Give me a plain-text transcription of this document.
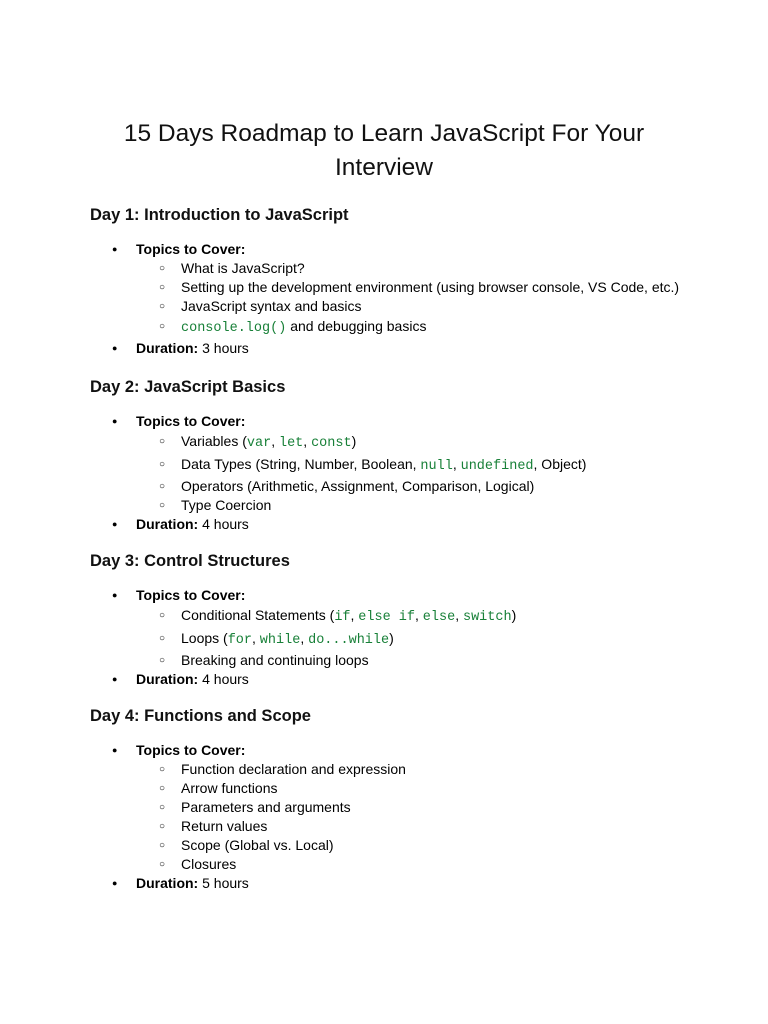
15 Days Roadmap to Learn JavaScript For Your
Interview
Day 1: Introduction to JavaScript
● Topics to Cover:
○ What is JavaScript?
○ Setting up the development environment (using browser console, VS Code, etc.)
○ JavaScript syntax and basics
○ console.log() and debugging basics
● Duration: 3 hours
Day 2: JavaScript Basics
● Topics to Cover:
○ Variables (var, let, const)
○ Data Types (String, Number, Boolean, null, undefined, Object)
○ Operators (Arithmetic, Assignment, Comparison, Logical)
○ Type Coercion
● Duration: 4 hours
Day 3: Control Structures
● Topics to Cover:
○ Conditional Statements (if, else if, else, switch)
○ Loops (for, while, do...while)
○ Breaking and continuing loops
● Duration: 4 hours
Day 4: Functions and Scope
● Topics to Cover:
○ Function declaration and expression
○ Arrow functions
○ Parameters and arguments
○ Return values
○ Scope (Global vs. Local)
○ Closures
● Duration: 5 hours
